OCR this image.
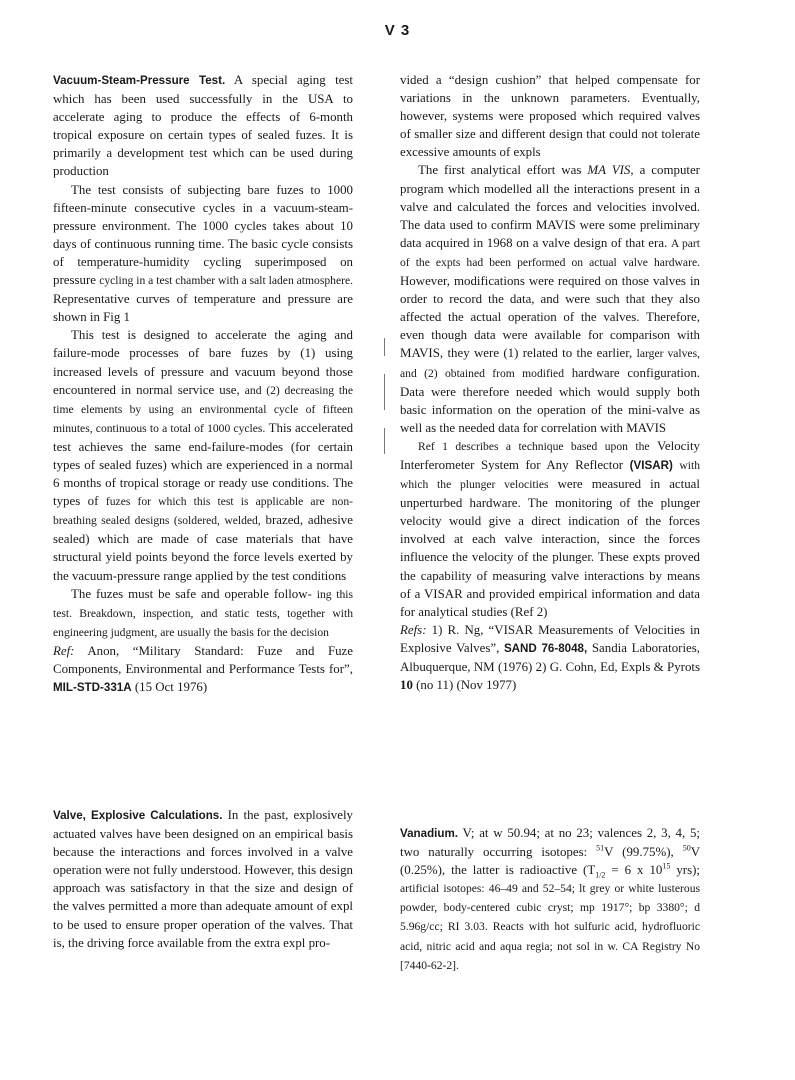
V 3

Vacuum-Steam-Pressure Test. A special aging test which has been used successfully in the USA to accelerate aging to produce the effects of 6-month tropical exposure on certain types of sealed fuzes. It is primarily a development test which can be used during production

The test consists of subjecting bare fuzes to 1000 fifteen-minute consecutive cycles in a vacuum-steam-pressure environment. The 1000 cycles takes about 10 days of continuous running time. The basic cycle consists of temperature-humidity cycling superimposed on pressure cycling in a test chamber with a salt laden atmosphere. Representative curves of temperature and pressure are shown in Fig 1

This test is designed to accelerate the aging and failure-mode processes of bare fuzes by (1) using increased levels of pressure and vacuum beyond those encountered in normal service use, and (2) decreasing the time elements by using an environmental cycle of fifteen minutes, continuous to a total of 1000 cycles. This accelerated test achieves the same end-failure-modes (for certain types of sealed fuzes) which are experienced in a normal 6 months of tropical storage or ready use conditions. The types of fuzes for which this test is applicable are non-breathing sealed designs (soldered, welded, brazed, adhesive sealed) which are made of case materials that have structural yield points beyond the force levels exerted by the vacuum-pressure range applied by the test conditions

The fuzes must be safe and operable follow- ing this test. Breakdown, inspection, and static tests, together with engineering judgment, are usually the basis for the decision

Ref: Anon, “Military Standard: Fuze and Fuze Components, Environmental and Performance Tests for”, MIL-STD-331A (15 Oct 1976)

Valve, Explosive Calculations. In the past, explosively actuated valves have been designed on an empirical basis because the interactions and forces involved in a valve operation were not fully understood. However, this design approach was satisfactory in that the size and design of the valves permitted a more than adequate amount of expl to be used to ensure proper operation of the valves. That is, the driving force available from the extra expl pro-

vided a “design cushion” that helped compensate for variations in the unknown parameters. Eventually, however, systems were proposed which required valves of smaller size and different design that could not tolerate excessive amounts of expls

The first analytical effort was MA VIS, a computer program which modelled all the interactions present in a valve and calculated the forces and velocities involved. The data used to confirm MAVIS were some preliminary data acquired in 1968 on a valve design of that era. A part of the expts had been performed on actual valve hardware. However, modifications were required on those valves in order to record the data, and were such that they also affected the actual operation of the valves. Therefore, even though data were available for comparison with MAVIS, they were (1) related to the earlier, larger valves, and (2) obtained from modified hardware configuration. Data were therefore needed which would supply both basic information on the operation of the mini-valve as well as the needed data for correlation with MAVIS

Ref 1 describes a technique based upon the Velocity Interferometer System for Any Reflector (VISAR) with which the plunger velocities were measured in actual unperturbed hardware. The monitoring of the plunger velocity would give a direct indication of the forces involved at each valve interaction, since the forces influence the velocity of the plunger. These expts proved the capability of measuring valve interactions by means of a VISAR and provided empirical information and data for analytical studies (Ref 2)

Refs: 1) R. Ng, “VISAR Measurements of Velocities in Explosive Valves”, SAND 76-8048, Sandia Laboratories, Albuquerque, NM (1976) 2) G. Cohn, Ed, Expls & Pyrots 10 (no 11) (Nov 1977)

Vanadium. V; at w 50.94; at no 23; valences 2, 3, 4, 5; two naturally occurring isotopes: $^{51}$V (99.75%), $^{50}$V (0.25%), the latter is radioactive ($T_{1/2} = 6$ x $10^{15}$ yrs); artificial isotopes: 46–49 and 52–54; lt grey or white lusterous powder, body-centered cubic cryst; mp 1917°; bp 3380°; d 5.96g/cc; RI 3.03. Reacts with hot sulfuric acid, hydrofluoric acid, nitric acid and aqua regia; not sol in w. CA Registry No [7440-62-2].
